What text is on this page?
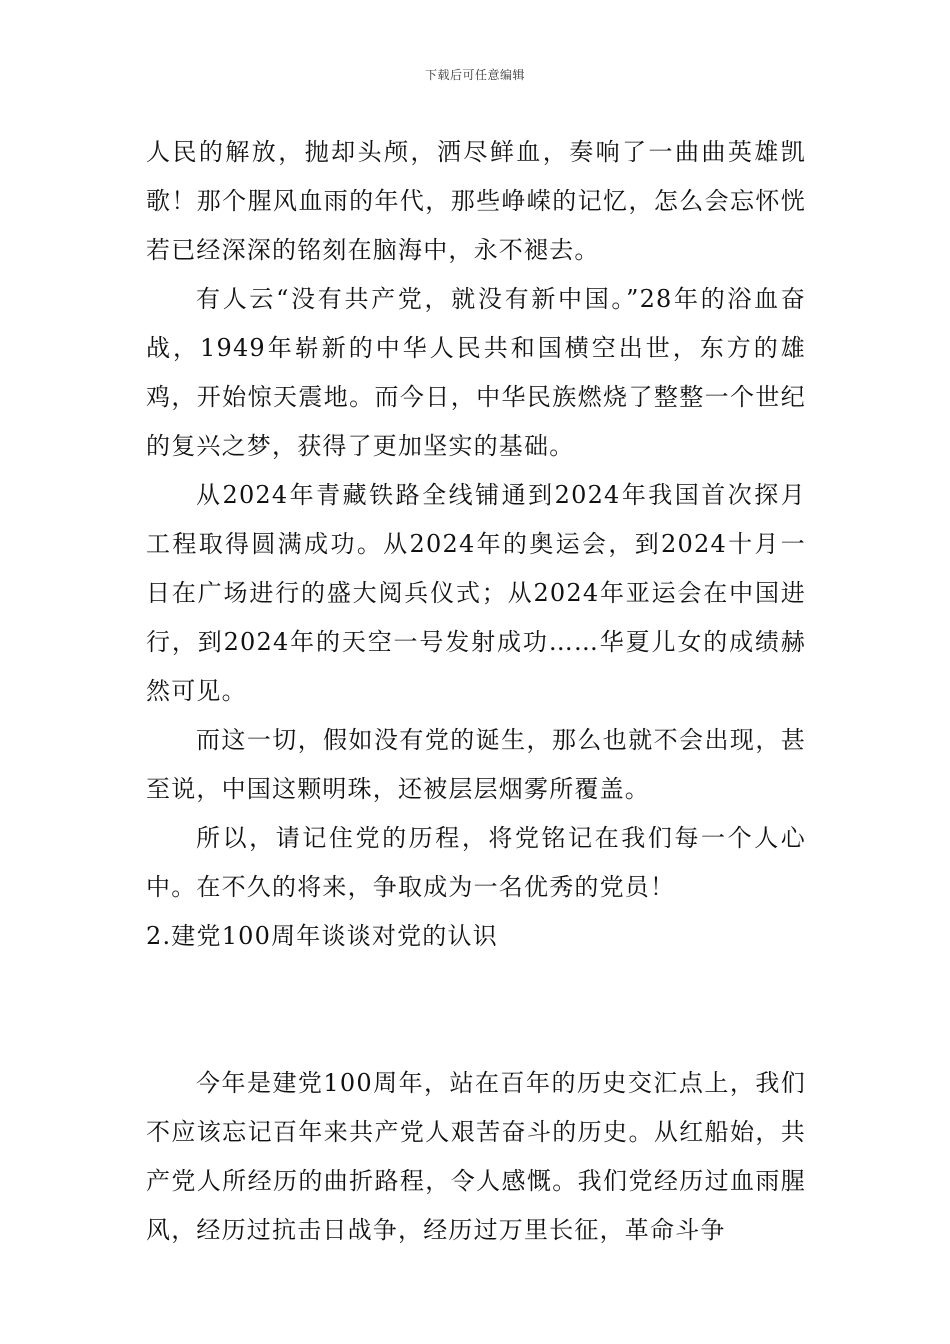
下载后可任意编辑

人民的解放，抛却头颅，洒尽鲜血，奏响了一曲曲英雄凯歌！那个腥风血雨的年代，那些峥嵘的记忆，怎么会忘怀恍若已经深深的铭刻在脑海中，永不褪去。

有人云“没有共产党，就没有新中国。”28年的浴血奋战，1949年崭新的中华人民共和国横空出世，东方的雄鸡，开始惊天震地。而今日，中华民族燃烧了整整一个世纪的复兴之梦，获得了更加坚实的基础。

从2024年青藏铁路全线铺通到2024年我国首次探月工程取得圆满成功。从2024年的奥运会，到2024十月一日在广场进行的盛大阅兵仪式；从2024年亚运会在中国进行，到2024年的天空一号发射成功……华夏儿女的成绩赫然可见。

而这一切，假如没有党的诞生，那么也就不会出现，甚至说，中国这颗明珠，还被层层烟雾所覆盖。

所以，请记住党的历程，将党铭记在我们每一个人心中。在不久的将来，争取成为一名优秀的党员！

2.建党100周年谈谈对党的认识

今年是建党100周年，站在百年的历史交汇点上，我们不应该忘记百年来共产党人艰苦奋斗的历史。从红船始，共产党人所经历的曲折路程，令人感慨。我们党经历过血雨腥风，经历过抗击日战争，经历过万里长征，革命斗争
